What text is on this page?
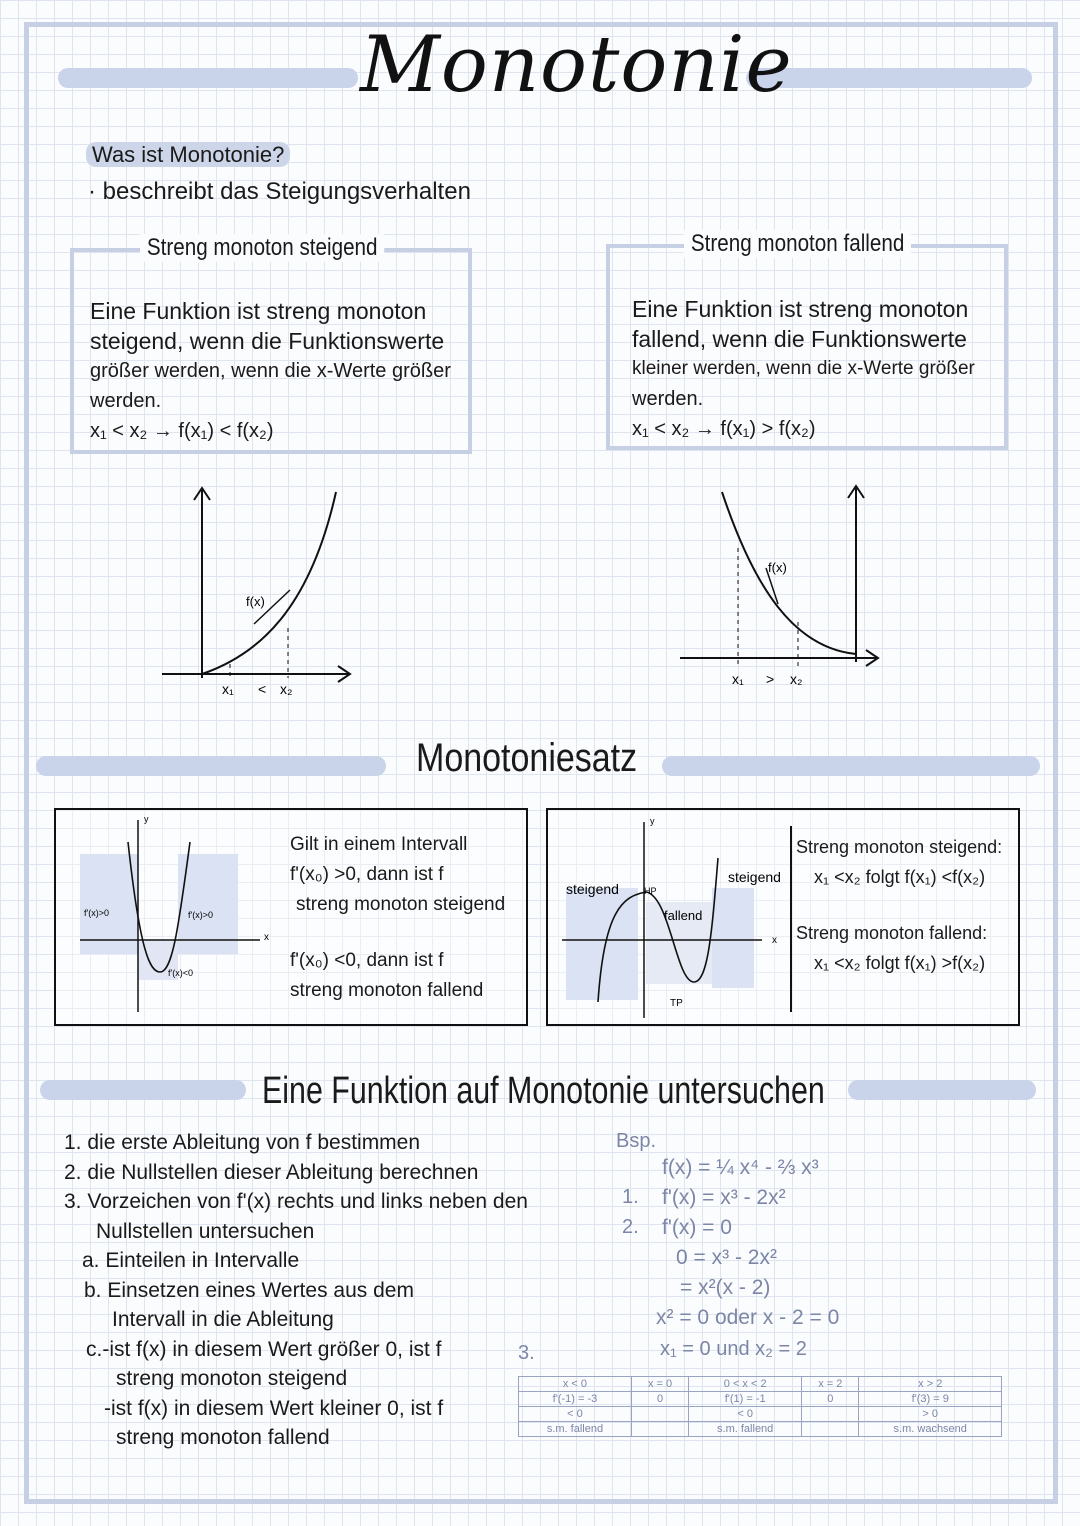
Monotonie
Was ist Monotonie?
· beschreibt das Steigungsverhalten
Streng monoton steigend
Eine Funktion ist streng monoton
steigend, wenn die Funktionswerte
größer werden, wenn die x-Werte größer
werden.
x₁ < x₂ → f(x₁) < f(x₂)
Streng monoton fallend
Eine Funktion ist streng monoton
fallend, wenn die Funktionswerte
kleiner werden, wenn die x-Werte größer
werden.
x₁ < x₂ → f(x₁) > f(x₂)
f(x)
x₁ < x₂
f(x)
x₁ > x₂
Monotoniesatz
y
x
f'(x)>0	f'(x)>0
f'(x)<0
Gilt in einem Intervall
f'(x₀) >0, dann ist f
streng monoton steigend
f'(x₀) <0, dann ist f
streng monoton fallend
y
x
steigend
steigend
fallend
HP
TP
Streng monoton steigend:
x₁ <x₂ folgt f(x₁) <f(x₂)
Streng monoton fallend:
x₁ <x₂ folgt f(x₁) >f(x₂)
Eine Funktion auf Monotonie untersuchen
1. die erste Ableitung von f bestimmen
2. die Nullstellen dieser Ableitung berechnen
3. Vorzeichen von f'(x) rechts und links neben den
Nullstellen untersuchen
a. Einteilen in Intervalle
b. Einsetzen eines Wertes aus dem
Intervall in die Ableitung
c.-ist f(x) in diesem Wert größer 0, ist f
streng monoton steigend
-ist f(x) in diesem Wert kleiner 0, ist f
streng monoton fallend
Bsp.
f(x) = ¼ x⁴ - ⅔ x³
1. f'(x) = x³ - 2x²
2. f'(x) = 0
0 = x³ - 2x²
= x²(x - 2)
x² = 0 oder x - 2 = 0
x₁ = 0 und x₂ = 2
3.
x < 0	x = 0	0 < x < 2	x = 2	x > 2
f'(-1) = -3	0	f'(1) = -1	0	f'(3) = 9
< 0		< 0		> 0
s.m. fallend		s.m. fallend		s.m. wachsend
